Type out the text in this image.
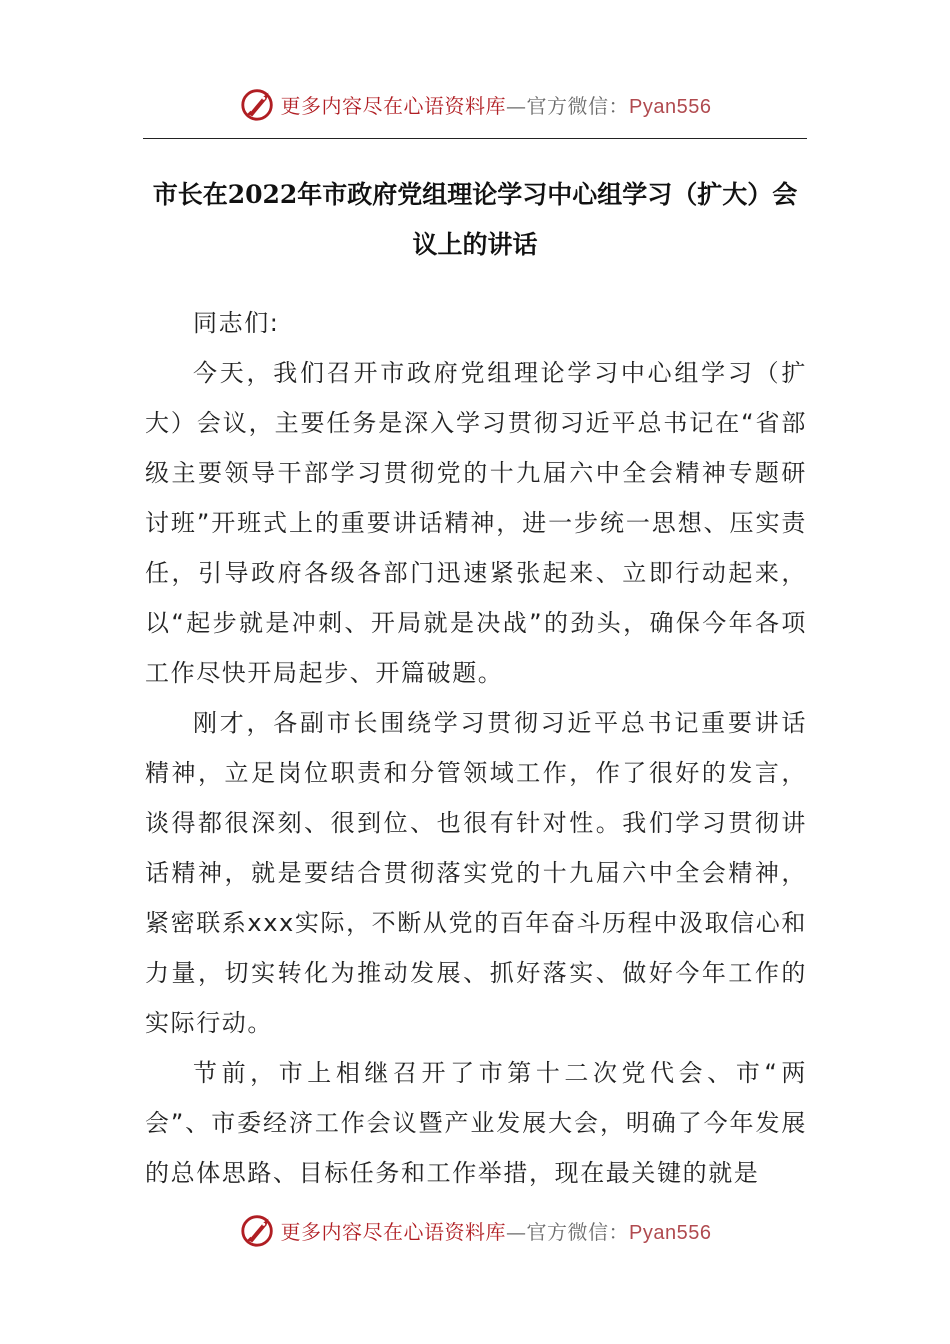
更多内容尽在心语资料库—官方微信：Pyan556
市长在2022年市政府党组理论学习中心组学习（扩大）会议上的讲话

同志们:

今天，我们召开市政府党组理论学习中心组学习（扩大）会议，主要任务是深入学习贯彻习近平总书记在“省部级主要领导干部学习贯彻党的十九届六中全会精神专题研讨班”开班式上的重要讲话精神，进一步统一思想、压实责任，引导政府各级各部门迅速紧张起来、立即行动起来，以“起步就是冲刺、开局就是决战”的劲头，确保今年各项工作尽快开局起步、开篇破题。

刚才，各副市长围绕学习贯彻习近平总书记重要讲话精神，立足岗位职责和分管领域工作，作了很好的发言，谈得都很深刻、很到位、也很有针对性。我们学习贯彻讲话精神，就是要结合贯彻落实党的十九届六中全会精神，紧密联系xxx实际，不断从党的百年奋斗历程中汲取信心和力量，切实转化为推动发展、抓好落实、做好今年工作的实际行动。

节前，市上相继召开了市第十二次党代会、市“两会”、市委经济工作会议暨产业发展大会，明确了今年发展的总体思路、目标任务和工作举措，现在最关键的就是

更多内容尽在心语资料库—官方微信：Pyan556
